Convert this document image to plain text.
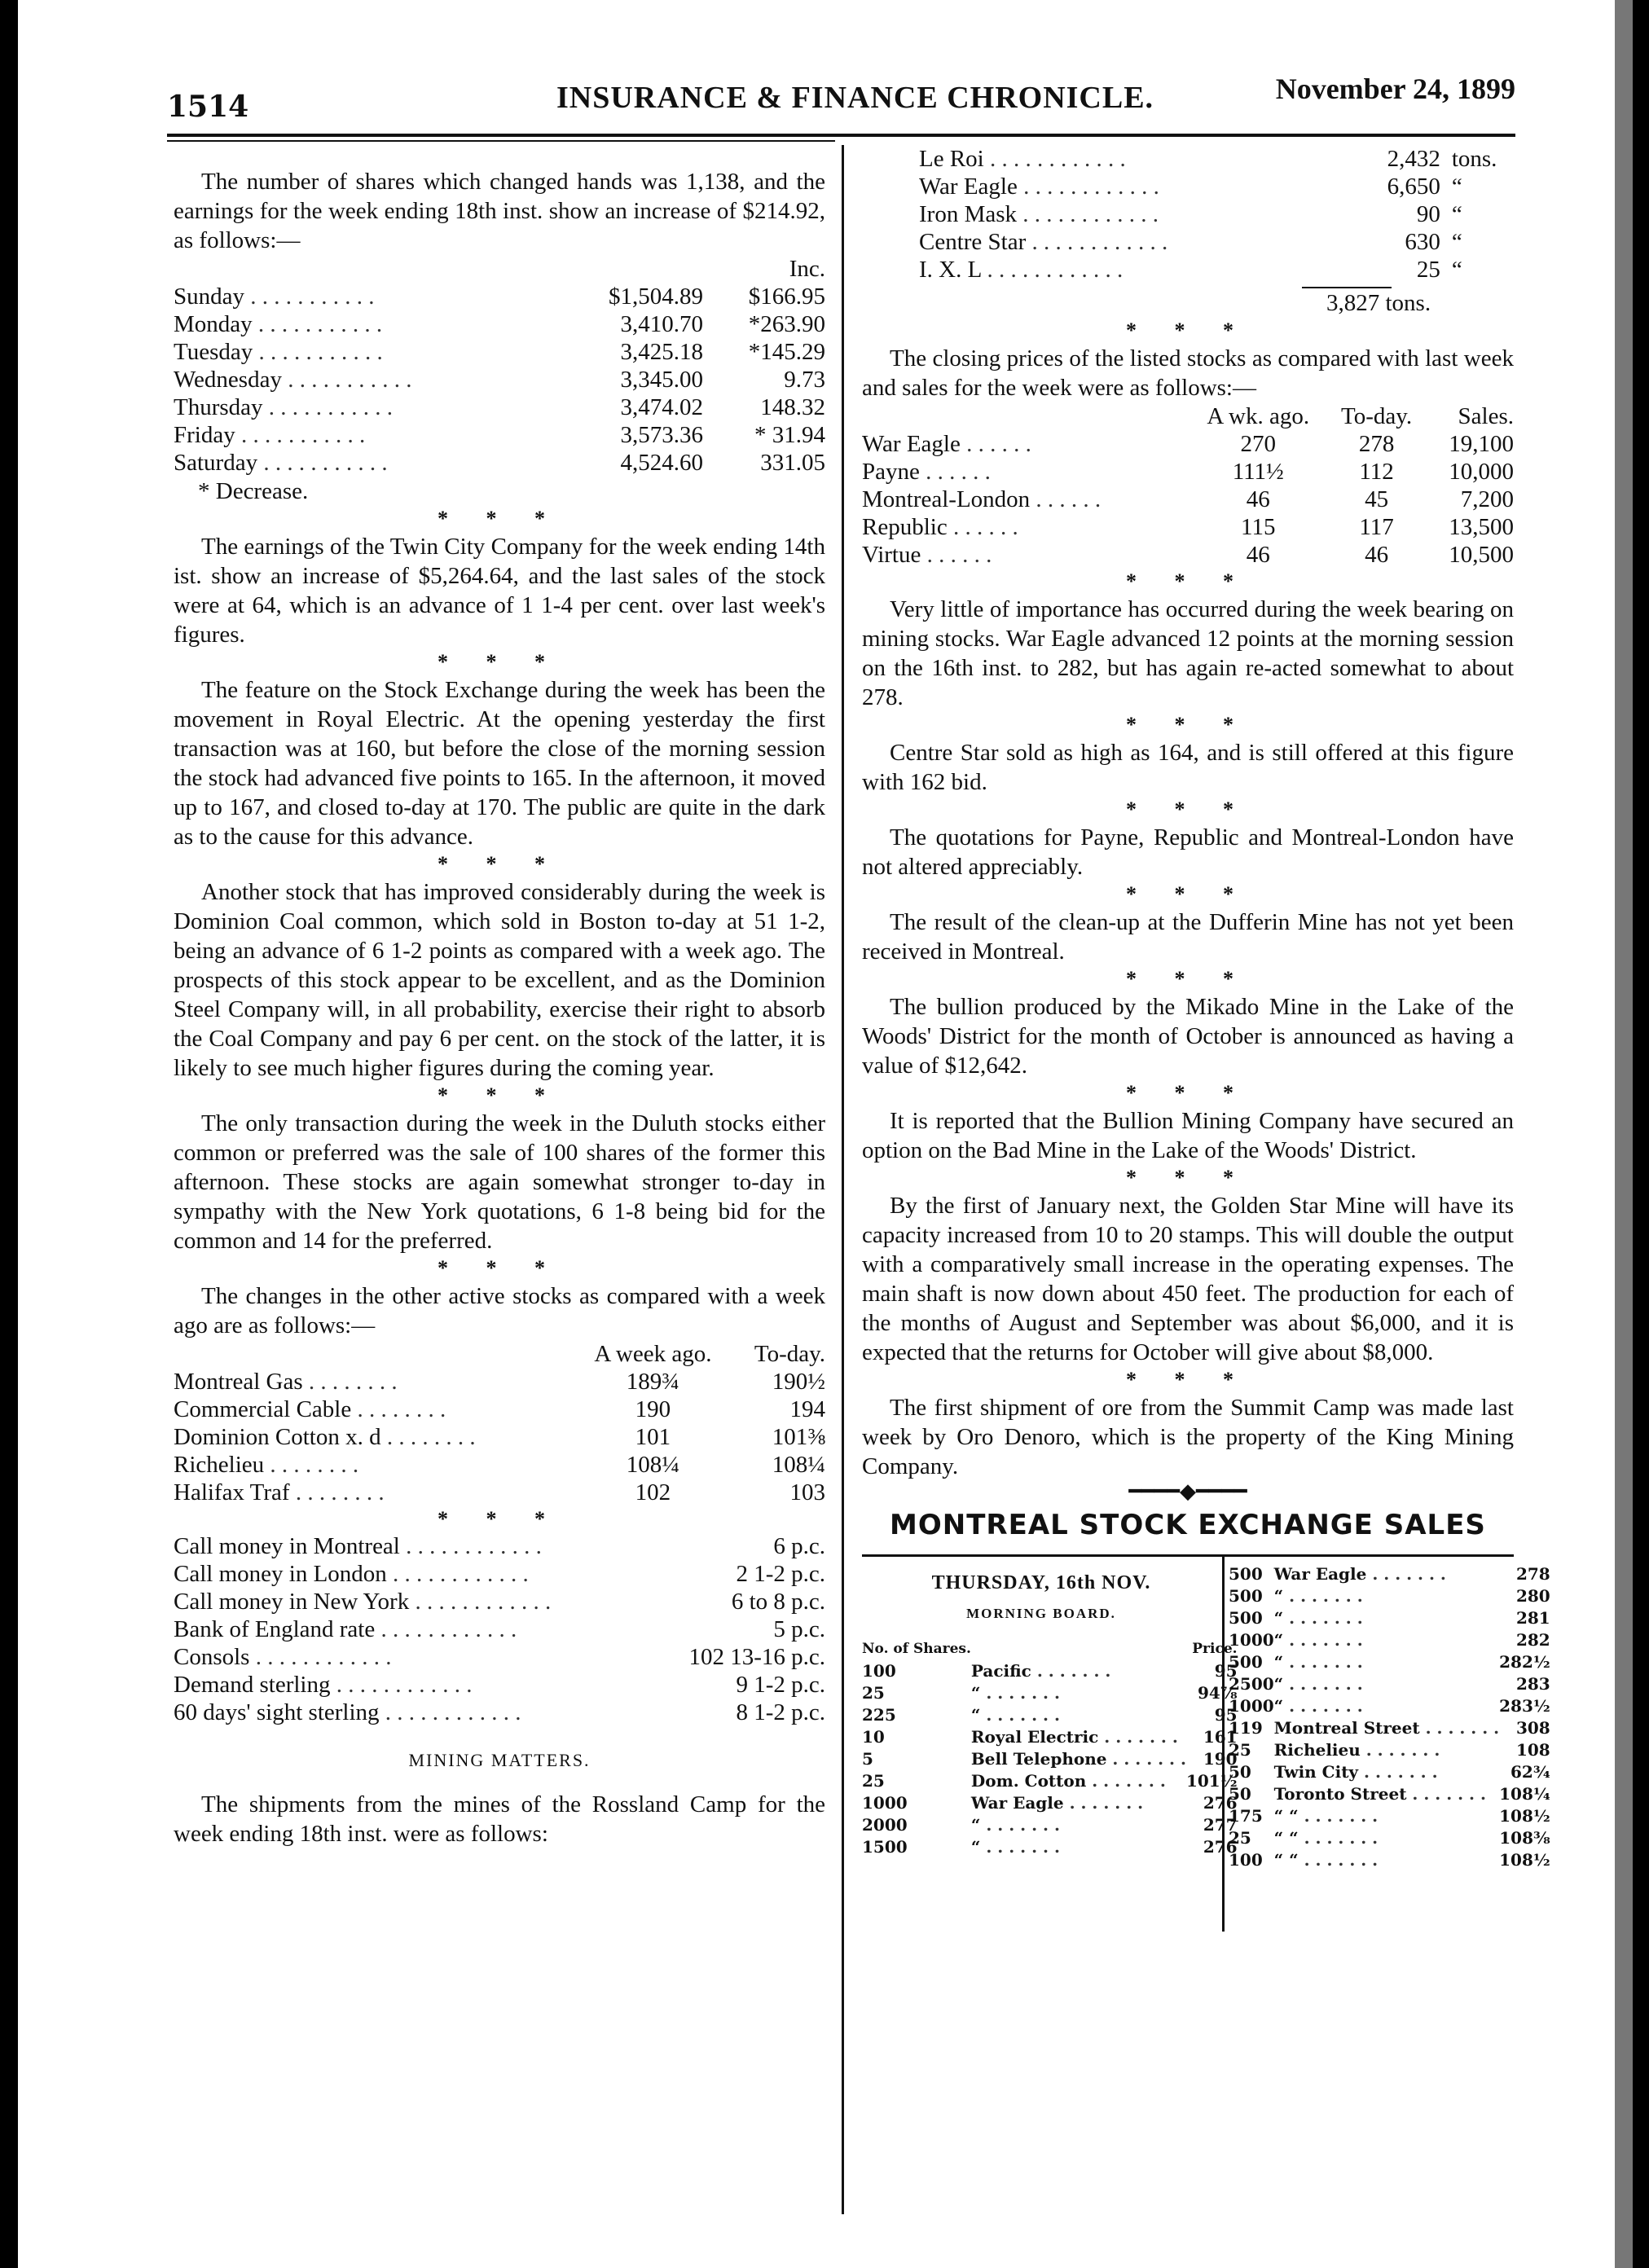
1514	INSURANCE & FINANCE CHRONICLE.	November 24, 1899

The number of shares which changed hands was 1,138, and the earnings for the week ending 18th inst. show an increase of $214.92, as follows:—

		Inc.
Sunday . . . . . . . . . . .	$1,504.89	$166.95
Monday . . . . . . . . . . .	3,410.70	*263.90
Tuesday . . . . . . . . . . .	3,425.18	*145.29
Wednesday . . . . . . . . . . .	3,345.00	9.73
Thursday . . . . . . . . . . .	3,474.02	148.32
Friday . . . . . . . . . . .	3,573.36	* 31.94
Saturday . . . . . . . . . . .	4,524.60	331.05
* Decrease.
* * *

The earnings of the Twin City Company for the week ending 14th ist. show an increase of $5,264.64, and the last sales of the stock were at 64, which is an advance of 1 1-4 per cent. over last week's figures.

* * *

The feature on the Stock Exchange during the week has been the movement in Royal Electric. At the opening yesterday the first transaction was at 160, but before the close of the morning session the stock had advanced five points to 165. In the afternoon, it moved up to 167, and closed to-day at 170. The public are quite in the dark as to the cause for this advance.

* * *

Another stock that has improved considerably during the week is Dominion Coal common, which sold in Boston to-day at 51 1-2, being an advance of 6 1-2 points as compared with a week ago. The prospects of this stock appear to be excellent, and as the Dominion Steel Company will, in all probability, exercise their right to absorb the Coal Company and pay 6 per cent. on the stock of the latter, it is likely to see much higher figures during the coming year.

* * *

The only transaction during the week in the Duluth stocks either common or preferred was the sale of 100 shares of the former this afternoon. These stocks are again somewhat stronger to-day in sympathy with the New York quotations, 6 1-8 being bid for the common and 14 for the preferred.

* * *

The changes in the other active stocks as compared with a week ago are as follows:—

	A week ago.	To-day.
Montreal Gas . . . . . . . .	189¾	190½
Commercial Cable . . . . . . . .	190	194
Dominion Cotton x. d . . . . . . . .	101	101⅜
Richelieu . . . . . . . .	108¼	108¼
Halifax Traf . . . . . . . .	102	103
* * *
Call money in Montreal . . . . . . . . . . . .	6 p.c.
Call money in London . . . . . . . . . . . .	2 1-2 p.c.
Call money in New York . . . . . . . . . . . .	6 to 8 p.c.
Bank of England rate . . . . . . . . . . . .	5 p.c.
Consols . . . . . . . . . . . .	102 13-16 p.c.
Demand sterling . . . . . . . . . . . .	9 1-2 p.c.
60 days' sight sterling . . . . . . . . . . . .	8 1-2 p.c.
MINING MATTERS.

The shipments from the mines of the Rossland Camp for the week ending 18th inst. were as follows:

Le Roi . . . . . . . . . . . .	2,432	tons.
War Eagle . . . . . . . . . . . .	6,650	“
Iron Mask . . . . . . . . . . . .	90	“
Centre Star . . . . . . . . . . . .	630	“
I. X. L . . . . . . . . . . . .	25	“
3,827 tons.
* * *

The closing prices of the listed stocks as compared with last week and sales for the week were as follows:—

	A wk. ago.	To-day.	Sales.
War Eagle . . . . . .	270	278	19,100
Payne . . . . . .	111½	112	10,000
Montreal-London . . . . . .	46	45	7,200
Republic . . . . . .	115	117	13,500
Virtue . . . . . .	46	46	10,500
* * *

Very little of importance has occurred during the week bearing on mining stocks. War Eagle advanced 12 points at the morning session on the 16th inst. to 282, but has again re-acted somewhat to about 278.

* * *

Centre Star sold as high as 164, and is still offered at this figure with 162 bid.

* * *

The quotations for Payne, Republic and Montreal-London have not altered appreciably.

* * *

The result of the clean-up at the Dufferin Mine has not yet been received in Montreal.

* * *

The bullion produced by the Mikado Mine in the Lake of the Woods' District for the month of October is announced as having a value of $12,642.

* * *

It is reported that the Bullion Mining Company have secured an option on the Bad Mine in the Lake of the Woods' District.

* * *

By the first of January next, the Golden Star Mine will have its capacity increased from 10 to 20 stamps. This will double the output with a comparatively small increase in the operating expenses. The main shaft is now down about 450 feet. The production for each of the months of August and September was about $6,000, and it is expected that the returns for October will give about $8,000.

* * *

The first shipment of ore from the Summit Camp was made last week by Oro Denoro, which is the property of the King Mining Company.

━━━━◆━━━━
MONTREAL STOCK EXCHANGE SALES
THURSDAY, 16th NOV.
MORNING BOARD.
No. of Shares.		Price.
100	Pacific . . . . . . .	95
25	“ . . . . . . .	94⅞
225	“ . . . . . . .	95
10	Royal Electric . . . . . . .	161
5	Bell Telephone . . . . . . .	190
25	Dom. Cotton . . . . . . .	101½
1000	War Eagle . . . . . . .	276
2000	“ . . . . . . .	277
1500	“ . . . . . . .	276
500	War Eagle . . . . . . .	278
500	“ . . . . . . .	280
500	“ . . . . . . .	281
1000	“ . . . . . . .	282
500	“ . . . . . . .	282½
2500	“ . . . . . . .	283
1000	“ . . . . . . .	283½
119	Montreal Street . . . . . . .	308
25	Richelieu . . . . . . .	108
50	Twin City . . . . . . .	62¾
50	Toronto Street . . . . . . .	108¼
175	“ “ . . . . . . .	108½
25	“ “ . . . . . . .	108⅜
100	“ “ . . . . . . .	108½
